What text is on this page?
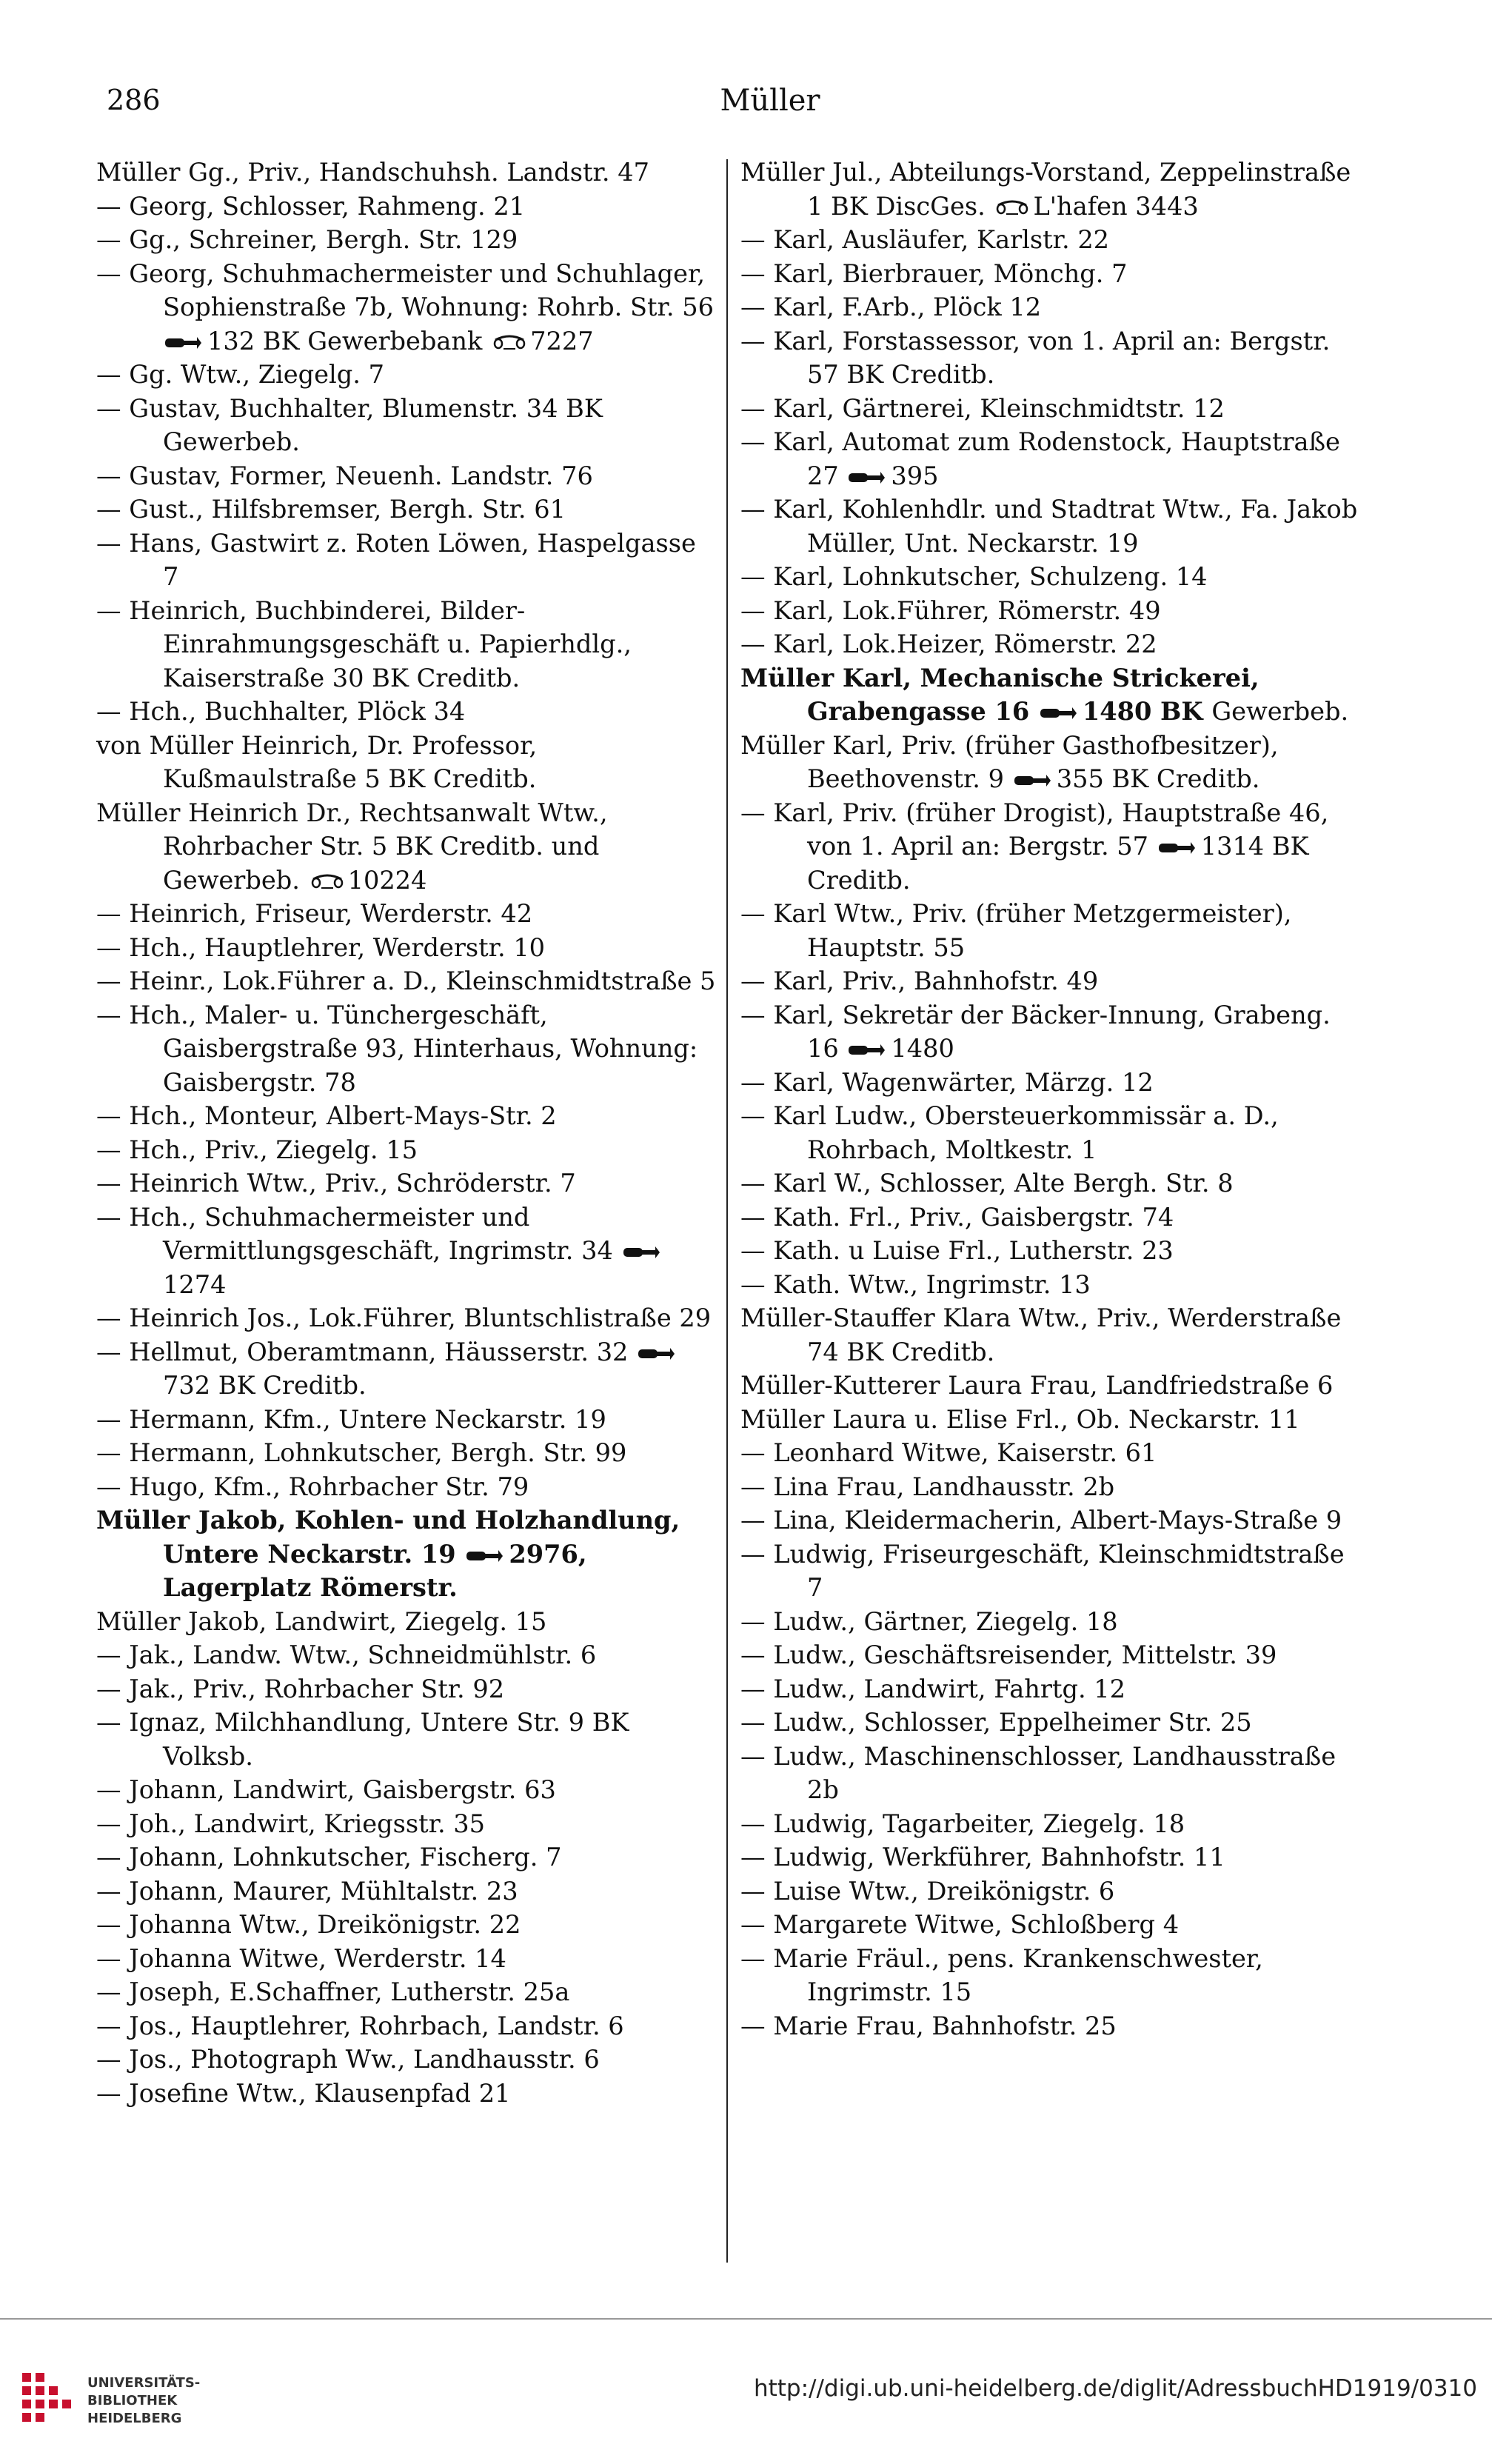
286	Müller
Müller Gg., Priv., Handschuhsh. Landstr. 47
— Georg, Schlosser, Rahmeng. 21
— Gg., Schreiner, Bergh. Str. 129
— Georg, Schuhmachermeister und Schuhlager, Sophienstraße 7b, Wohnung: Rohrb. Str. 56 132 BK Gewerbebank 7227
— Gg. Wtw., Ziegelg. 7
— Gustav, Buchhalter, Blumenstr. 34 BK Gewerbeb.
— Gustav, Former, Neuenh. Landstr. 76
— Gust., Hilfsbremser, Bergh. Str. 61
— Hans, Gastwirt z. Roten Löwen, Haspelgasse 7
— Heinrich, Buchbinderei, Bilder-Einrahmungsgeschäft u. Papierhdlg., Kaiserstraße 30 BK Creditb.
— Hch., Buchhalter, Plöck 34
von Müller Heinrich, Dr. Professor, Kußmaulstraße 5 BK Creditb.
Müller Heinrich Dr., Rechtsanwalt Wtw., Rohrbacher Str. 5 BK Creditb. und Gewerbeb. 10224
— Heinrich, Friseur, Werderstr. 42
— Hch., Hauptlehrer, Werderstr. 10
— Heinr., Lok.Führer a. D., Kleinschmidtstraße 5
— Hch., Maler- u. Tünchergeschäft, Gaisbergstraße 93, Hinterhaus, Wohnung: Gaisbergstr. 78
— Hch., Monteur, Albert-Mays-Str. 2
— Hch., Priv., Ziegelg. 15
— Heinrich Wtw., Priv., Schröderstr. 7
— Hch., Schuhmachermeister und Vermittlungsgeschäft, Ingrimstr. 34 1274
— Heinrich Jos., Lok.Führer, Bluntschlistraße 29
— Hellmut, Oberamtmann, Häusserstr. 32 732 BK Creditb.
— Hermann, Kfm., Untere Neckarstr. 19
— Hermann, Lohnkutscher, Bergh. Str. 99
— Hugo, Kfm., Rohrbacher Str. 79
Müller Jakob, Kohlen- und Holzhandlung, Untere Neckarstr. 19 2976, Lagerplatz Römerstr.
Müller Jakob, Landwirt, Ziegelg. 15
— Jak., Landw. Wtw., Schneidmühlstr. 6
— Jak., Priv., Rohrbacher Str. 92
— Ignaz, Milchhandlung, Untere Str. 9 BK Volksb.
— Johann, Landwirt, Gaisbergstr. 63
— Joh., Landwirt, Kriegsstr. 35
— Johann, Lohnkutscher, Fischerg. 7
— Johann, Maurer, Mühltalstr. 23
— Johanna Wtw., Dreikönigstr. 22
— Johanna Witwe, Werderstr. 14
— Joseph, E.Schaffner, Lutherstr. 25a
— Jos., Hauptlehrer, Rohrbach, Landstr. 6
— Jos., Photograph Ww., Landhausstr. 6
— Josefine Wtw., Klausenpfad 21
Müller Jul., Abteilungs-Vorstand, Zeppelinstraße 1 BK DiscGes. L'hafen 3443
— Karl, Ausläufer, Karlstr. 22
— Karl, Bierbrauer, Mönchg. 7
— Karl, F.Arb., Plöck 12
— Karl, Forstassessor, von 1. April an: Bergstr. 57 BK Creditb.
— Karl, Gärtnerei, Kleinschmidtstr. 12
— Karl, Automat zum Rodenstock, Hauptstraße 27 395
— Karl, Kohlenhdlr. und Stadtrat Wtw., Fa. Jakob Müller, Unt. Neckarstr. 19
— Karl, Lohnkutscher, Schulzeng. 14
— Karl, Lok.Führer, Römerstr. 49
— Karl, Lok.Heizer, Römerstr. 22
Müller Karl, Mechanische Strickerei, Grabengasse 16 1480 BK Gewerbeb.
Müller Karl, Priv. (früher Gasthofbesitzer), Beethovenstr. 9 355 BK Creditb.
— Karl, Priv. (früher Drogist), Hauptstraße 46, von 1. April an: Bergstr. 57 1314 BK Creditb.
— Karl Wtw., Priv. (früher Metzgermeister), Hauptstr. 55
— Karl, Priv., Bahnhofstr. 49
— Karl, Sekretär der Bäcker-Innung, Grabeng. 16 1480
— Karl, Wagenwärter, Märzg. 12
— Karl Ludw., Obersteuerkommissär a. D., Rohrbach, Moltkestr. 1
— Karl W., Schlosser, Alte Bergh. Str. 8
— Kath. Frl., Priv., Gaisbergstr. 74
— Kath. u Luise Frl., Lutherstr. 23
— Kath. Wtw., Ingrimstr. 13
Müller-Stauffer Klara Wtw., Priv., Werderstraße 74 BK Creditb.
Müller-Kutterer Laura Frau, Landfriedstraße 6
Müller Laura u. Elise Frl., Ob. Neckarstr. 11
— Leonhard Witwe, Kaiserstr. 61
— Lina Frau, Landhausstr. 2b
— Lina, Kleidermacherin, Albert-Mays-Straße 9
— Ludwig, Friseurgeschäft, Kleinschmidtstraße 7
— Ludw., Gärtner, Ziegelg. 18
— Ludw., Geschäftsreisender, Mittelstr. 39
— Ludw., Landwirt, Fahrtg. 12
— Ludw., Schlosser, Eppelheimer Str. 25
— Ludw., Maschinenschlosser, Landhausstraße 2b
— Ludwig, Tagarbeiter, Ziegelg. 18
— Ludwig, Werkführer, Bahnhofstr. 11
— Luise Wtw., Dreikönigstr. 6
— Margarete Witwe, Schloßberg 4
— Marie Fräul., pens. Krankenschwester, Ingrimstr. 15
— Marie Frau, Bahnhofstr. 25
UNIVERSITÄTS-
BIBLIOTHEK
HEIDELBERG
http://digi.ub.uni-heidelberg.de/diglit/AdressbuchHD1919/0310
